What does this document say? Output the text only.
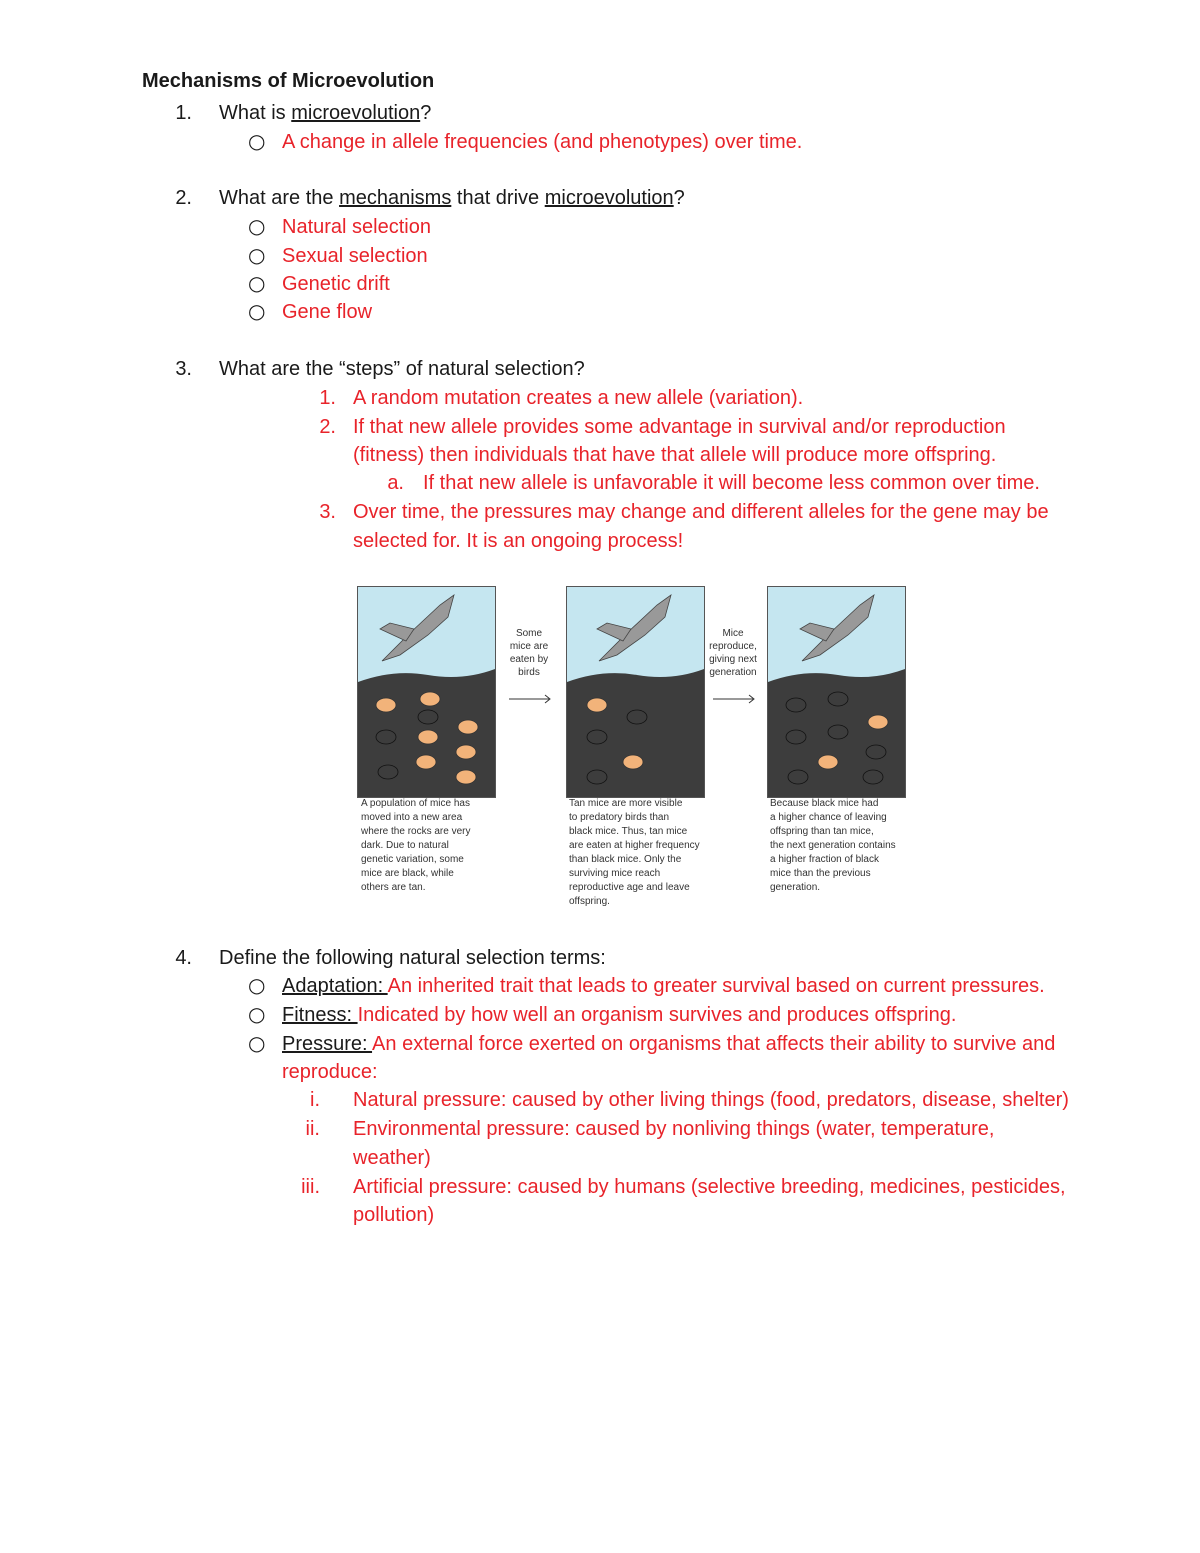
Mechanisms of Microevolution
1. What is microevolution?
○ A change in allele frequencies (and phenotypes) over time.
2. What are the mechanisms that drive microevolution?
○ Natural selection
○ Sexual selection
○ Genetic drift
○ Gene flow
3. What are the “steps” of natural selection?
1. A random mutation creates a new allele (variation).
2. If that new allele provides some advantage in survival and/or reproduction
(fitness) then individuals that have that allele will produce more offspring.
a. If that new allele is unfavorable it will become less common over time.
3. Over time, the pressures may change and different alleles for the gene may be
selected for. It is an ongoing process!
Some
mice are
eaten by
birds
Mice
reproduce,
giving next
generation
A population of mice has
moved into a new area
where the rocks are very
dark. Due to natural
genetic variation, some
mice are black, while
others are tan.
Tan mice are more visible
to predatory birds than
black mice. Thus, tan mice
are eaten at higher frequency
than black mice. Only the
surviving mice reach
reproductive age and leave
offspring.
Because black mice had
a higher chance of leaving
offspring than tan mice,
the next generation contains
a higher fraction of black
mice than the previous
generation.
4. Define the following natural selection terms:
○ Adaptation: An inherited trait that leads to greater survival based on current pressures.
○ Fitness: Indicated by how well an organism survives and produces offspring.
○ Pressure: An external force exerted on organisms that affects their ability to survive and
reproduce:
i. Natural pressure: caused by other living things (food, predators, disease, shelter)
ii. Environmental pressure: caused by nonliving things (water, temperature,
weather)
iii. Artificial pressure: caused by humans (selective breeding, medicines, pesticides,
pollution)
